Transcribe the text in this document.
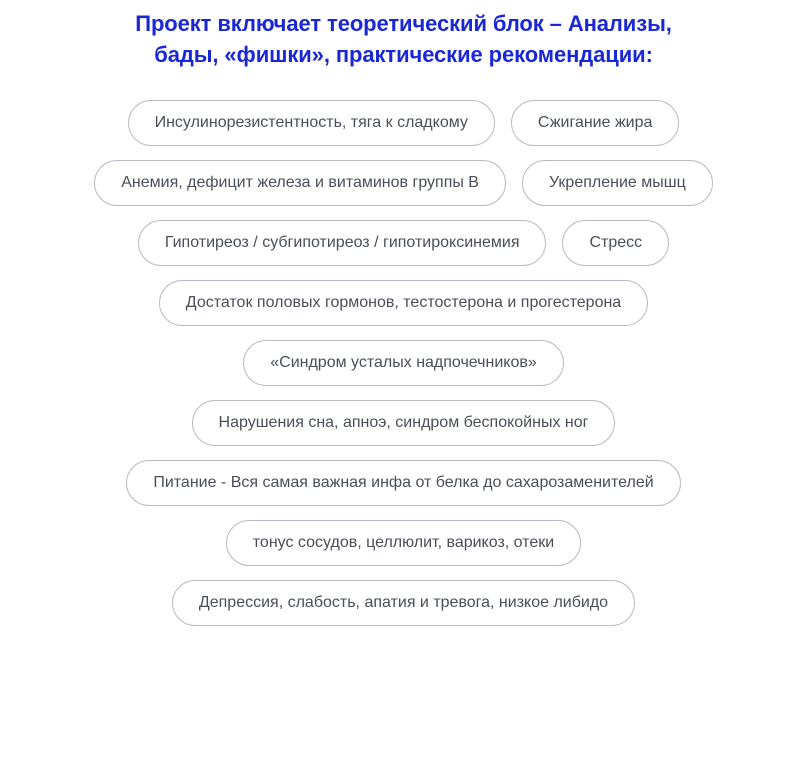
Проект включает теоретический блок – Анализы,
бады, «фишки», практические рекомендации:
Инсулинорезистентность, тяга к сладкому	Сжигание жира
Анемия, дефицит железа и витаминов группы В	Укрепление мышц
Гипотиреоз / субгипотиреоз / гипотироксинемия	Стресс
Достаток половых гормонов, тестостерона и прогестерона
«Синдром усталых надпочечников»
Нарушения сна, апноэ, синдром беспокойных ног
Питание - Вся самая важная инфа от белка до сахарозаменителей
тонус сосудов, целлюлит, варикоз, отеки
Депрессия, слабость, апатия и тревога, низкое либидо
